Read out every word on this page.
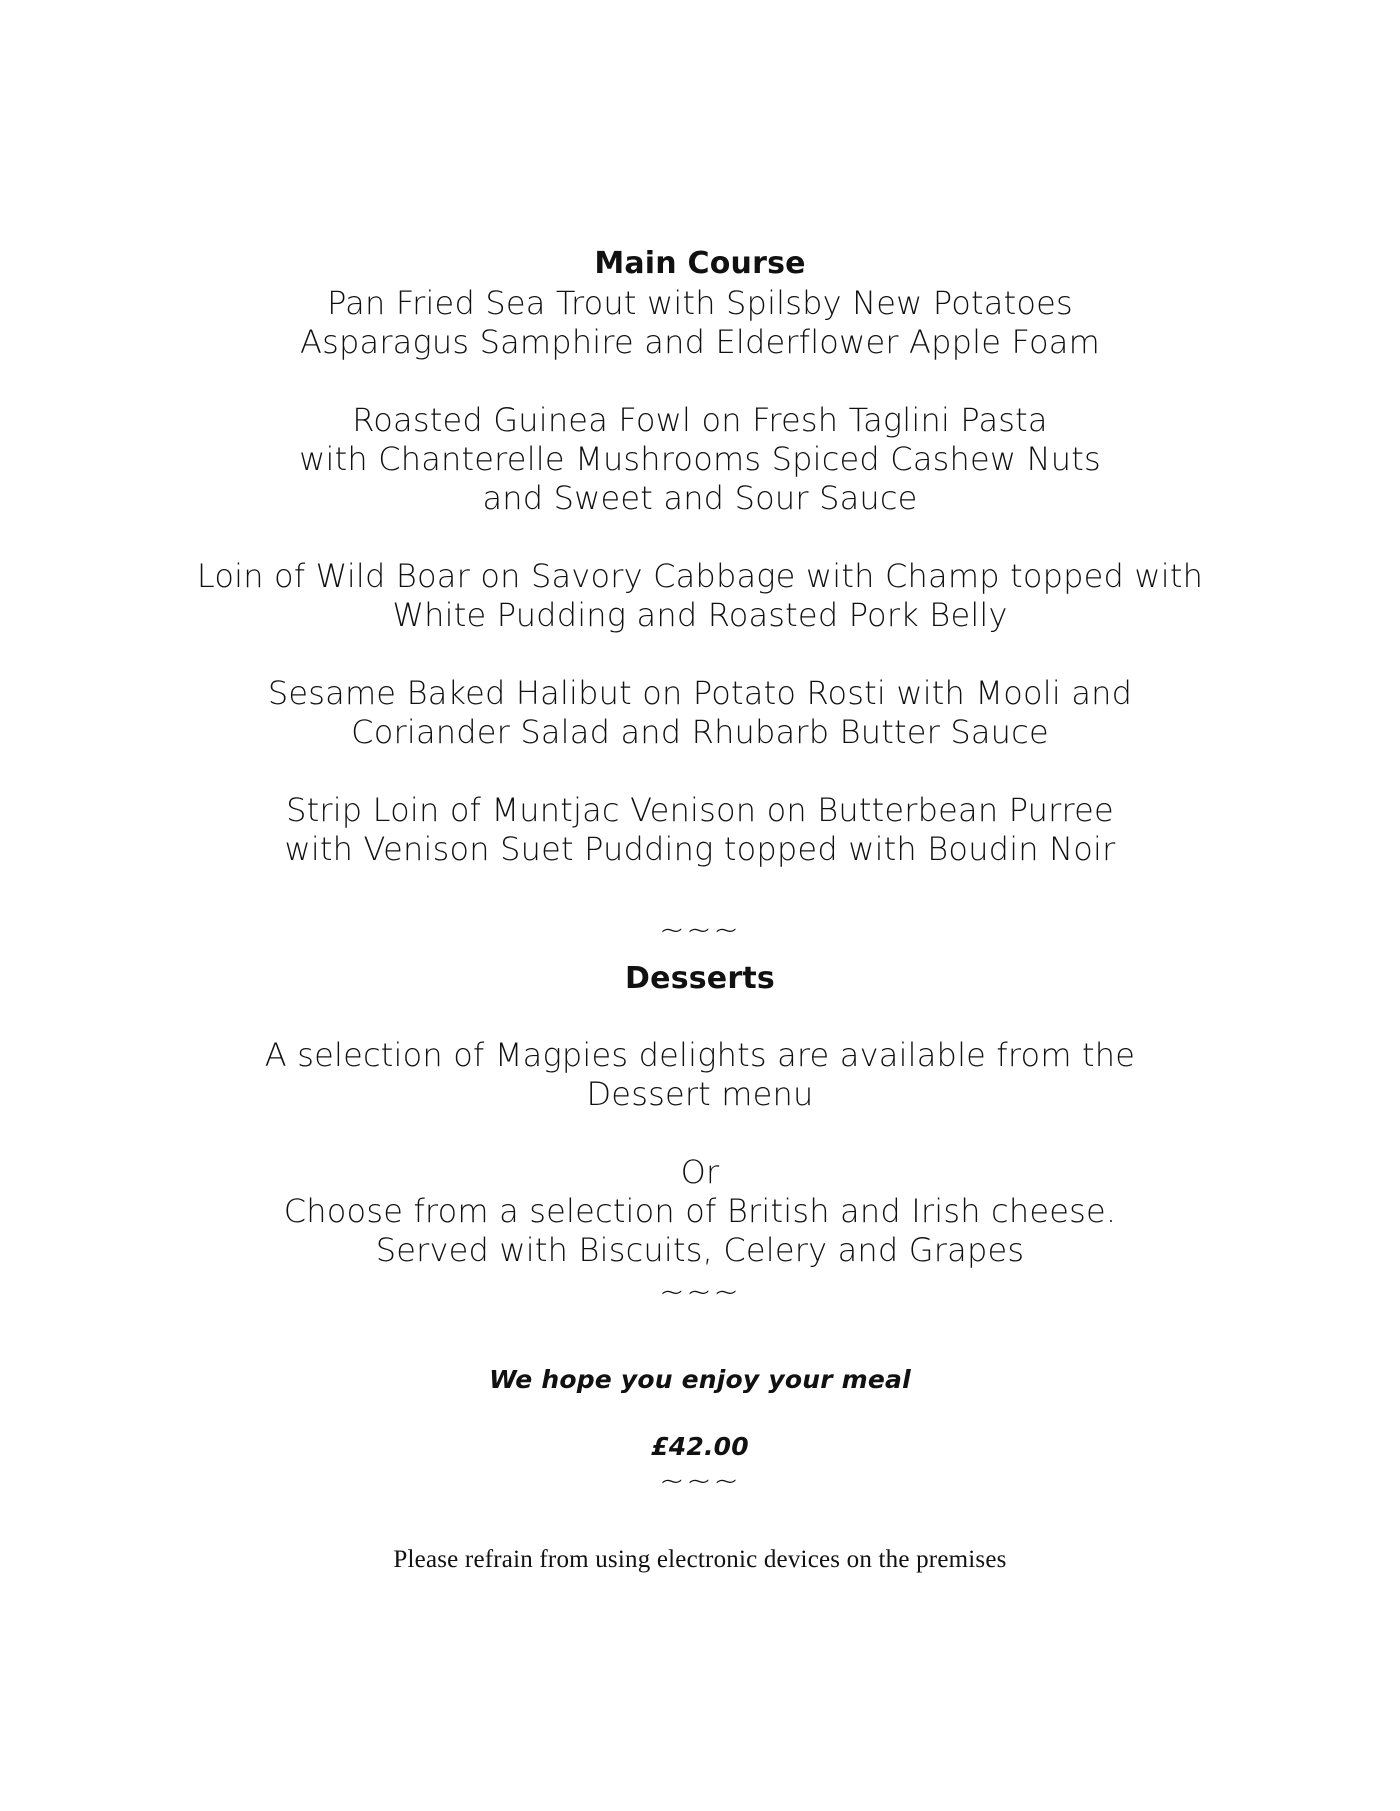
Main Course
Pan Fried Sea Trout with Spilsby New Potatoes
Asparagus Samphire and Elderflower Apple Foam
Roasted Guinea Fowl on Fresh Taglini Pasta
with Chanterelle Mushrooms Spiced Cashew Nuts
and Sweet and Sour Sauce
Loin of Wild Boar on Savory Cabbage with Champ topped with
White Pudding and Roasted Pork Belly
Sesame Baked Halibut on Potato Rosti with Mooli and
Coriander Salad and Rhubarb Butter Sauce
Strip Loin of Muntjac Venison on Butterbean Purree
with Venison Suet Pudding topped with Boudin Noir
~~~
Desserts
A selection of Magpies delights are available from the
Dessert menu
Or
Choose from a selection of British and Irish cheese.
Served with Biscuits, Celery and Grapes
~~~
We hope you enjoy your meal
£42.00
~~~
Please refrain from using electronic devices on the premises
